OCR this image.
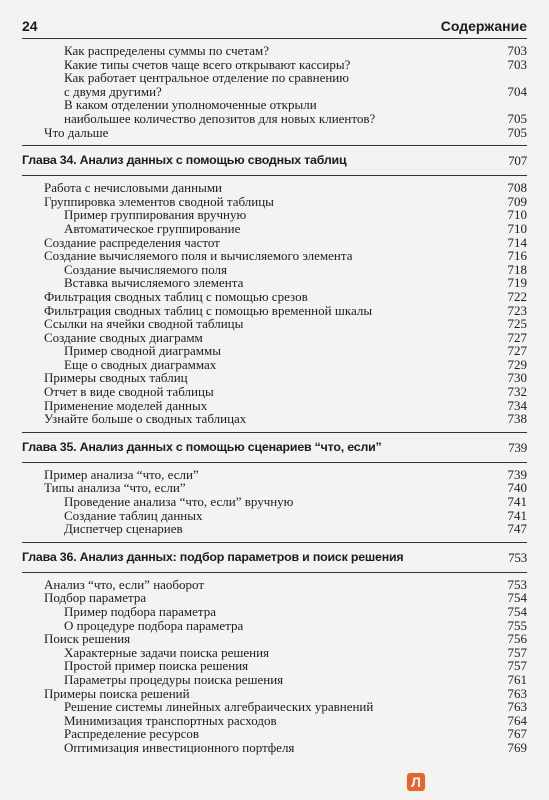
24	Содержание
Как распределены суммы по счетам?	703
Какие типы счетов чаще всего открывают кассиры?	703
Как работает центральное отделение по сравнению
с двумя другими?	704
В каком отделении уполномоченные открыли
наибольшее количество депозитов для новых клиентов?	705
Что дальше	705
Глава 34. Анализ данных с помощью сводных таблиц	707
Работа с нечисловыми данными	708
Группировка элементов сводной таблицы	709
Пример группирования вручную	710
Автоматическое группирование	710
Создание распределения частот	714
Создание вычисляемого поля и вычисляемого элемента	716
Создание вычисляемого поля	718
Вставка вычисляемого элемента	719
Фильтрация сводных таблиц с помощью срезов	722
Фильтрация сводных таблиц с помощью временной шкалы	723
Ссылки на ячейки сводной таблицы	725
Создание сводных диаграмм	727
Пример сводной диаграммы	727
Еще о сводных диаграммах	729
Примеры сводных таблиц	730
Отчет в виде сводной таблицы	732
Применение моделей данных	734
Узнайте больше о сводных таблицах	738
Глава 35. Анализ данных с помощью сценариев “что, если”	739
Пример анализа “что, если”	739
Типы анализа “что, если”	740
Проведение анализа “что, если” вручную	741
Создание таблиц данных	741
Диспетчер сценариев	747
Глава 36. Анализ данных: подбор параметров и поиск решения	753
Анализ “что, если” наоборот	753
Подбор параметра	754
Пример подбора параметра	754
О процедуре подбора параметра	755
Поиск решения	756
Характерные задачи поиска решения	757
Простой пример поиска решения	757
Параметры процедуры поиска решения	761
Примеры поиска решений	763
Решение системы линейных алгебраических уравнений	763
Минимизация транспортных расходов	764
Распределение ресурсов	767
Оптимизация инвестиционного портфеля	769
Л
